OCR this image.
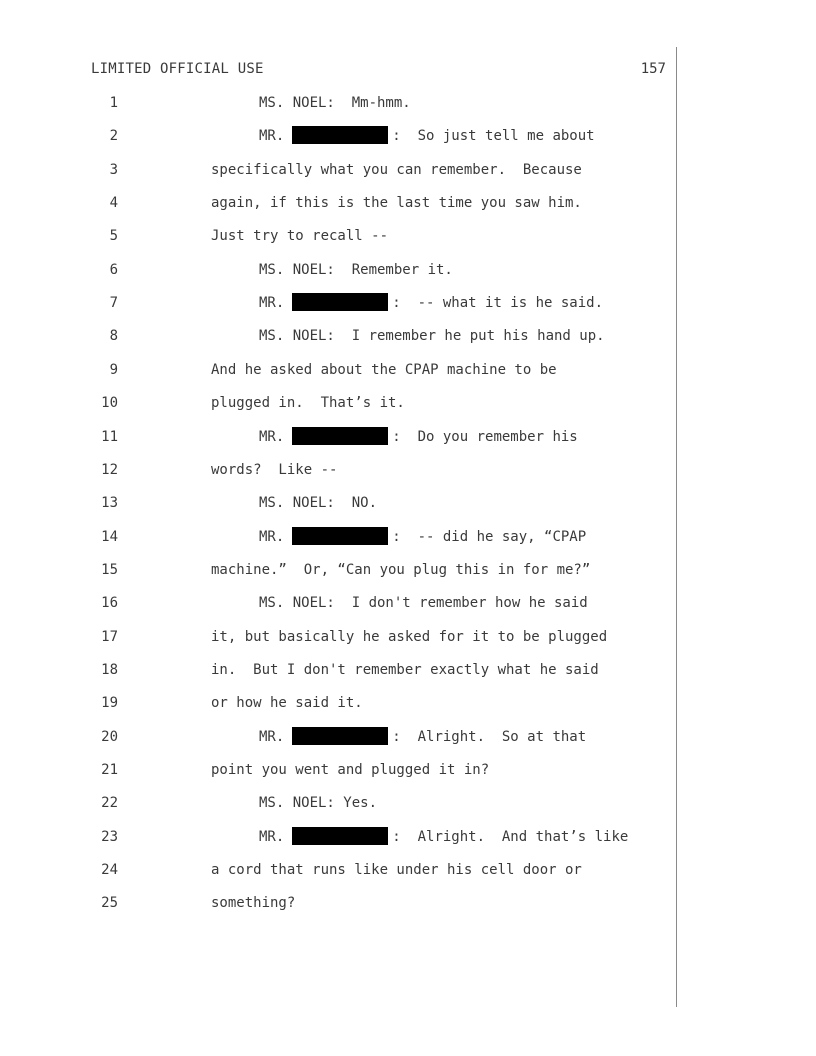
LIMITED OFFICIAL USE	157
1	MS. NOEL:  Mm-hmm.
2	MR.	:  So just tell me about
3	specifically what you can remember.  Because
4	again, if this is the last time you saw him.
5	Just try to recall --
6	MS. NOEL:  Remember it.
7	MR.	:  -- what it is he said.
8	MS. NOEL:  I remember he put his hand up.
9	And he asked about the CPAP machine to be
10	plugged in.  That’s it.
11	MR.	:  Do you remember his
12	words?  Like --
13	MS. NOEL:  NO.
14	MR.	:  -- did he say, “CPAP
15	machine.”  Or, “Can you plug this in for me?”
16	MS. NOEL:  I don't remember how he said
17	it, but basically he asked for it to be plugged
18	in.  But I don't remember exactly what he said
19	or how he said it.
20	MR.	:  Alright.  So at that
21	point you went and plugged it in?
22	MS. NOEL: Yes.
23	MR.	:  Alright.  And that’s like
24	a cord that runs like under his cell door or
25	something?
